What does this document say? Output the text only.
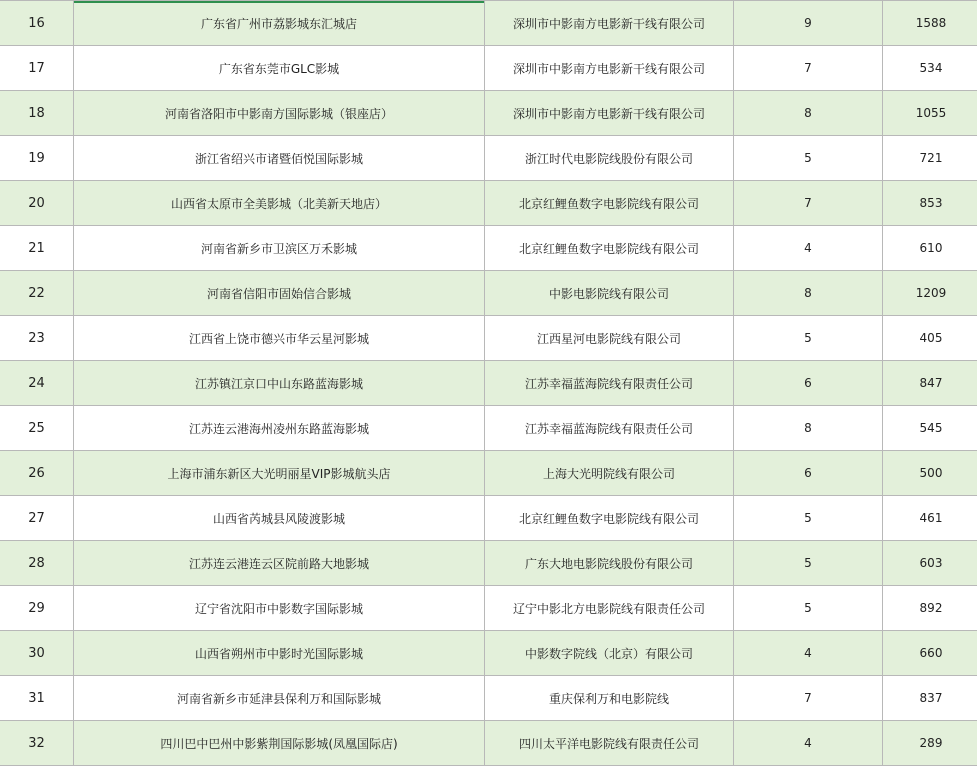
16	广东省广州市荔影城东汇城店	深圳市中影南方电影新干线有限公司	9	1588
17	广东省东莞市GLC影城	深圳市中影南方电影新干线有限公司	7	534
18	河南省洛阳市中影南方国际影城（银座店）	深圳市中影南方电影新干线有限公司	8	1055
19	浙江省绍兴市诸暨佰悦国际影城	浙江时代电影院线股份有限公司	5	721
20	山西省太原市全美影城（北美新天地店）	北京红鲤鱼数字电影院线有限公司	7	853
21	河南省新乡市卫滨区万禾影城	北京红鲤鱼数字电影院线有限公司	4	610
22	河南省信阳市固始信合影城	中影电影院线有限公司	8	1209
23	江西省上饶市德兴市华云星河影城	江西星河电影院线有限公司	5	405
24	江苏镇江京口中山东路蓝海影城	江苏幸福蓝海院线有限责任公司	6	847
25	江苏连云港海州凌州东路蓝海影城	江苏幸福蓝海院线有限责任公司	8	545
26	上海市浦东新区大光明丽星VIP影城航头店	上海大光明院线有限公司	6	500
27	山西省芮城县风陵渡影城	北京红鲤鱼数字电影院线有限公司	5	461
28	江苏连云港连云区院前路大地影城	广东大地电影院线股份有限公司	5	603
29	辽宁省沈阳市中影数字国际影城	辽宁中影北方电影院线有限责任公司	5	892
30	山西省朔州市中影时光国际影城	中影数字院线（北京）有限公司	4	660
31	河南省新乡市延津县保利万和国际影城	重庆保利万和电影院线	7	837
32	四川巴中巴州中影紫荆国际影城(凤凰国际店)	四川太平洋电影院线有限责任公司	4	289
